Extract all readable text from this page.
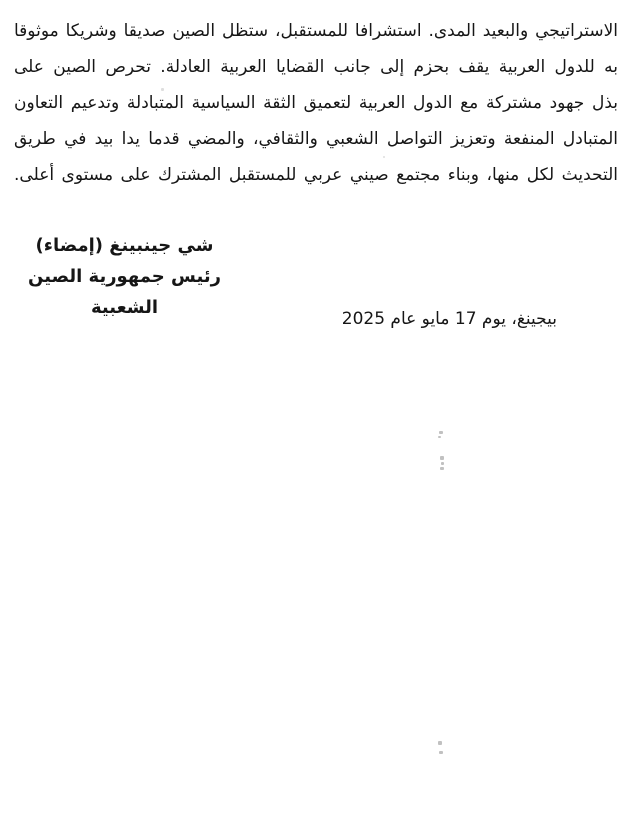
الاستراتيجي والبعيد المدى. استشرافا للمستقبل، ستظل الصين صديقا وشريكا موثوقا
به للدول العربية يقف بحزم إلى جانب القضايا العربية العادلة. تحرص الصين على
بذل جهود مشتركة مع الدول العربية لتعميق الثقة السياسية المتبادلة وتدعيم التعاون
المتبادل المنفعة وتعزيز التواصل الشعبي والثقافي، والمضي قدما يدا بيد في طريق
التحديث لكل منها، وبناء مجتمع صيني عربي للمستقبل المشترك على مستوى أعلى.
شي جينبينغ (إمضاء)
رئيس جمهورية الصين الشعبية
بيجينغ، يوم 17 مايو عام 2025
